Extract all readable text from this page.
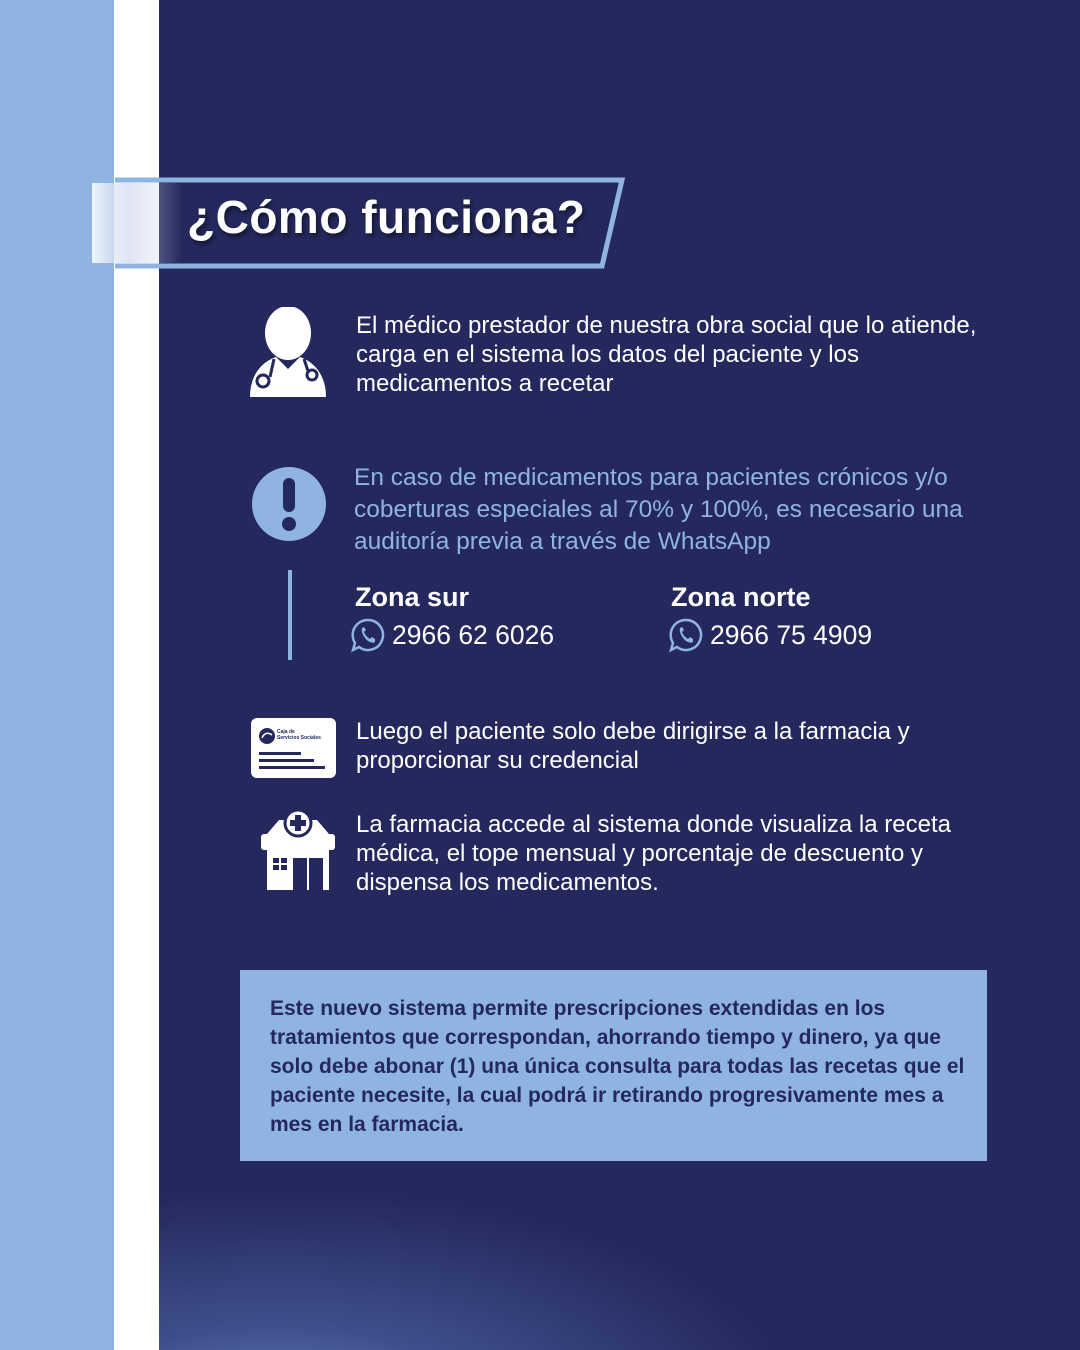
¿Cómo funciona?
El médico prestador de nuestra obra social que lo atiende, carga en el sistema los datos del paciente y los medicamentos a recetar
En caso de medicamentos para pacientes crónicos y/o coberturas especiales al 70% y 100%, es necesario una auditoría previa a través de WhatsApp
Zona sur
2966 62 6026
Zona norte
2966 75 4909
Caja de
Servicios Sociales Luego el paciente solo debe dirigirse a la farmacia y proporcionar su credencial
La farmacia accede al sistema donde visualiza la receta médica, el tope mensual y porcentaje de descuento y dispensa los medicamentos.
Este nuevo sistema permite prescripciones extendidas en los tratamientos que correspondan, ahorrando tiempo y dinero, ya que solo debe abonar (1) una única consulta para todas las recetas que el paciente necesite, la cual podrá ir retirando progresivamente mes a mes en la farmacia.
